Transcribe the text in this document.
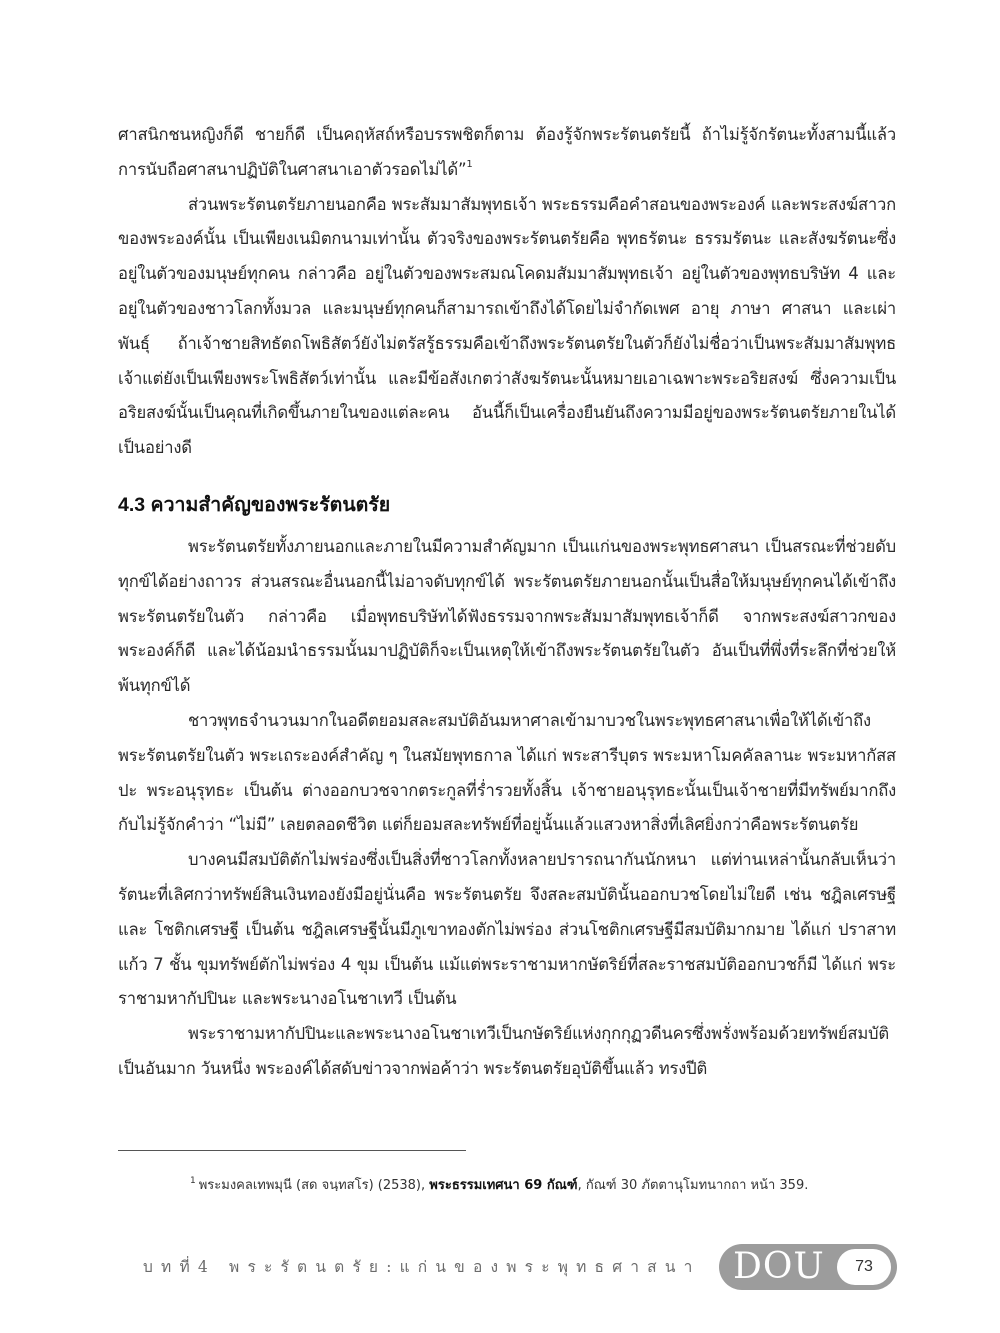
ศาสนิกชนหญิงก็ดี ชายก็ดี เป็นคฤหัสถ์หรือบรรพชิตก็ตาม ต้องรู้จักพระรัตนตรัยนี้ ถ้าไม่รู้จักรัตนะทั้งสามนี้แล้ว การนับถือศาสนาปฏิบัติในศาสนาเอาตัวรอดไม่ได้”$^1$

ส่วนพระรัตนตรัยภายนอกคือ พระสัมมาสัมพุทธเจ้า พระธรรมคือคำสอนของพระองค์ และพระสงฆ์สาวกของพระองค์นั้น เป็นเพียงเนมิตกนามเท่านั้น ตัวจริงของพระรัตนตรัยคือ พุทธรัตนะ ธรรมรัตนะ และสังฆรัตนะซึ่งอยู่ในตัวของมนุษย์ทุกคน กล่าวคือ อยู่ในตัวของพระสมณโคดมสัมมาสัมพุทธเจ้า อยู่ในตัวของพุทธบริษัท 4 และอยู่ในตัวของชาวโลกทั้งมวล และมนุษย์ทุกคนก็สามารถเข้าถึงได้โดยไม่จำกัดเพศ อายุ ภาษา ศาสนา และเผ่าพันธุ์ ถ้าเจ้าชายสิทธัตถโพธิสัตว์ยังไม่ตรัสรู้ธรรมคือเข้าถึงพระรัตนตรัยในตัวก็ยังไม่ชื่อว่าเป็นพระสัมมาสัมพุทธเจ้าแต่ยังเป็นเพียงพระโพธิสัตว์เท่านั้น และมีข้อสังเกตว่าสังฆรัตนะนั้นหมายเอาเฉพาะพระอริยสงฆ์ ซึ่งความเป็นอริยสงฆ์นั้นเป็นคุณที่เกิดขึ้นภายในของแต่ละคน อันนี้ก็เป็นเครื่องยืนยันถึงความมีอยู่ของพระรัตนตรัยภายในได้เป็นอย่างดี

4.3 ความสำคัญของพระรัตนตรัย

พระรัตนตรัยทั้งภายนอกและภายในมีความสำคัญมาก เป็นแก่นของพระพุทธศาสนา เป็นสรณะที่ช่วยดับทุกข์ได้อย่างถาวร ส่วนสรณะอื่นนอกนี้ไม่อาจดับทุกข์ได้ พระรัตนตรัยภายนอกนั้นเป็นสื่อให้มนุษย์ทุกคนได้เข้าถึงพระรัตนตรัยในตัว กล่าวคือ เมื่อพุทธบริษัทได้ฟังธรรมจากพระสัมมาสัมพุทธเจ้าก็ดี จากพระสงฆ์สาวกของพระองค์ก็ดี และได้น้อมนำธรรมนั้นมาปฏิบัติก็จะเป็นเหตุให้เข้าถึงพระรัตนตรัยในตัว อันเป็นที่พึ่งที่ระลึกที่ช่วยให้พ้นทุกข์ได้

ชาวพุทธจำนวนมากในอดีตยอมสละสมบัติอันมหาศาลเข้ามาบวชในพระพุทธศาสนาเพื่อให้ได้เข้าถึงพระรัตนตรัยในตัว พระเถระองค์สำคัญ ๆ ในสมัยพุทธกาล ได้แก่ พระสารีบุตร พระมหาโมคคัลลานะ พระมหากัสสปะ พระอนุรุทธะ เป็นต้น ต่างออกบวชจากตระกูลที่ร่ำรวยทั้งสิ้น เจ้าชายอนุรุทธะนั้นเป็นเจ้าชายที่มีทรัพย์มากถึงกับไม่รู้จักคำว่า “ไม่มี” เลยตลอดชีวิต แต่ก็ยอมสละทรัพย์ที่อยู่นั้นแล้วแสวงหาสิ่งที่เลิศยิ่งกว่าคือพระรัตนตรัย

บางคนมีสมบัติตักไม่พร่องซึ่งเป็นสิ่งที่ชาวโลกทั้งหลายปรารถนากันนักหนา แต่ท่านเหล่านั้นกลับเห็นว่า รัตนะที่เลิศกว่าทรัพย์สินเงินทองยังมีอยู่นั่นคือ พระรัตนตรัย จึงสละสมบัตินั้นออกบวชโดยไม่ใยดี เช่น ชฎิลเศรษฐี และ โชติกเศรษฐี เป็นต้น ชฎิลเศรษฐีนั้นมีภูเขาทองตักไม่พร่อง ส่วนโชติกเศรษฐีมีสมบัติมากมาย ได้แก่ ปราสาทแก้ว 7 ชั้น ขุมทรัพย์ตักไม่พร่อง 4 ขุม เป็นต้น แม้แต่พระราชามหากษัตริย์ที่สละราชสมบัติออกบวชก็มี ได้แก่ พระราชามหากัปปินะ และพระนางอโนชาเทวี เป็นต้น

พระราชามหากัปปินะและพระนางอโนชาเทวีเป็นกษัตริย์แห่งกุกกุฏวดีนครซึ่งพรั่งพร้อมด้วยทรัพย์สมบัติเป็นอันมาก วันหนึ่ง พระองค์ได้สดับข่าวจากพ่อค้าว่า พระรัตนตรัยอุบัติขึ้นแล้ว ทรงปีติ

$^1$ พระมงคลเทพมุนี (สด จนฺทสโร) (2538), พระธรรมเทศนา 69 กัณฑ์, กัณฑ์ 30 ภัตตานุโมทนากถา หน้า 359.
บทที่4 พระรัตนตรัย:แก่นของพระพุทธศาสนา DOU	73
